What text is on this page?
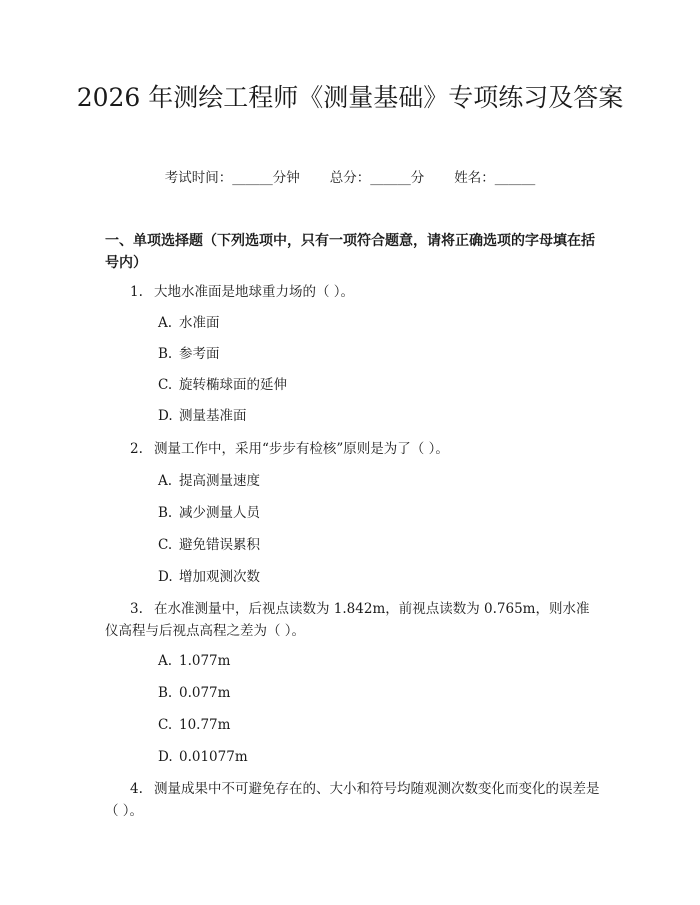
2026 年测绘工程师《测量基础》专项练习及答案
考试时间：______分钟 总分：______分 姓名：______
一、单项选择题（下列选项中，只有一项符合题意，请将正确选项的字母填在括号内）
1. 大地水准面是地球重力场的（ ）。
A. 水准面
B. 参考面
C. 旋转椭球面的延伸
D. 测量基准面
2. 测量工作中，采用“步步有检核”原则是为了（ ）。
A. 提高测量速度
B. 减少测量人员
C. 避免错误累积
D. 增加观测次数
3. 在水准测量中，后视点读数为 1.842m，前视点读数为 0.765m，则水准仪高程与后视点高程之差为（ ）。
A. 1.077m
B. 0.077m
C. 10.77m
D. 0.01077m
4. 测量成果中不可避免存在的、大小和符号均随观测次数变化而变化的误差是（ ）。
